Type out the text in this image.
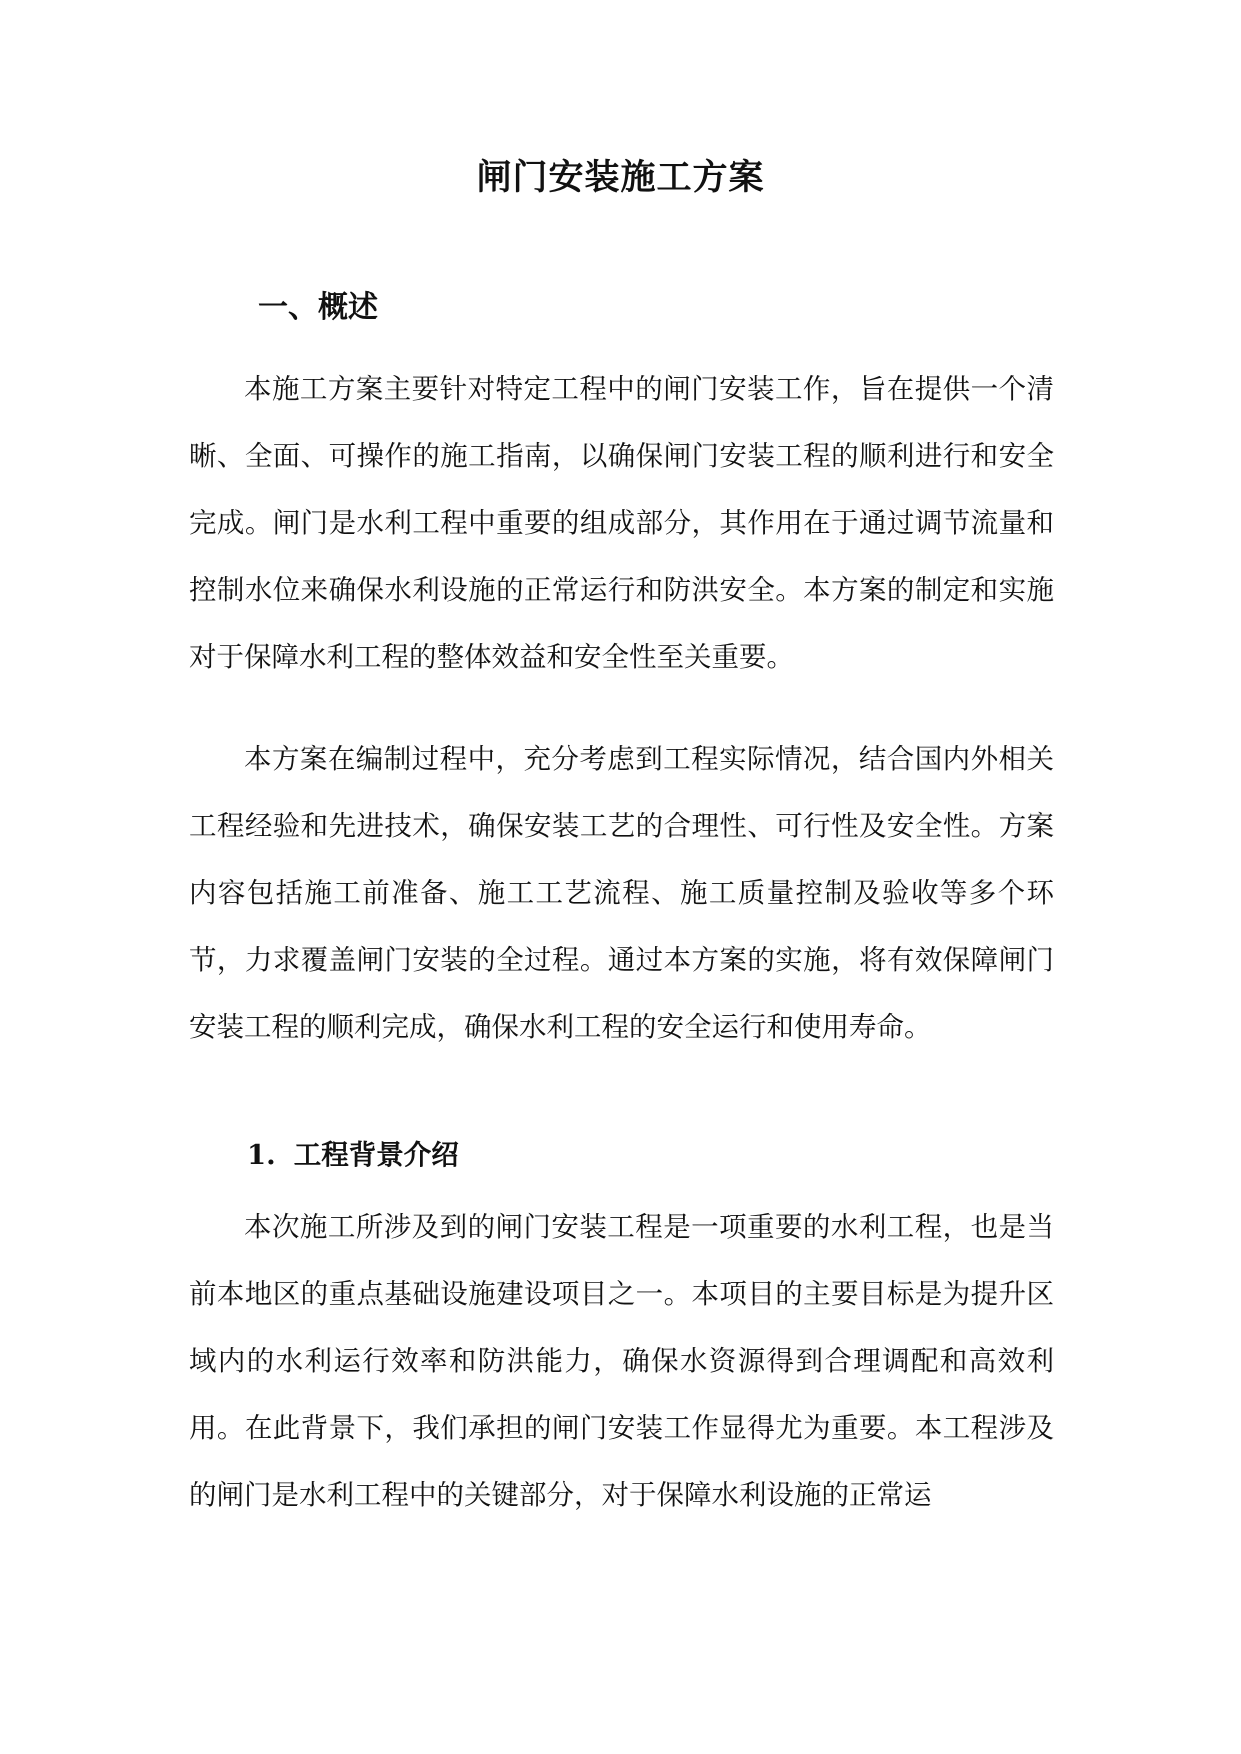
闸门安装施工方案
一、概述

本施工方案主要针对特定工程中的闸门安装工作，旨在提供一个清晰、全面、可操作的施工指南，以确保闸门安装工程的顺利进行和安全完成。闸门是水利工程中重要的组成部分，其作用在于通过调节流量和控制水位来确保水利设施的正常运行和防洪安全。本方案的制定和实施对于保障水利工程的整体效益和安全性至关重要。

本方案在编制过程中，充分考虑到工程实际情况，结合国内外相关工程经验和先进技术，确保安装工艺的合理性、可行性及安全性。方案内容包括施工前准备、施工工艺流程、施工质量控制及验收等多个环节，力求覆盖闸门安装的全过程。通过本方案的实施，将有效保障闸门安装工程的顺利完成，确保水利工程的安全运行和使用寿命。

1. 工程背景介绍

本次施工所涉及到的闸门安装工程是一项重要的水利工程，也是当前本地区的重点基础设施建设项目之一。本项目的主要目标是为提升区域内的水利运行效率和防洪能力，确保水资源得到合理调配和高效利用。在此背景下，我们承担的闸门安装工作显得尤为重要。本工程涉及的闸门是水利工程中的关键部分，对于保障水利设施的正常运
